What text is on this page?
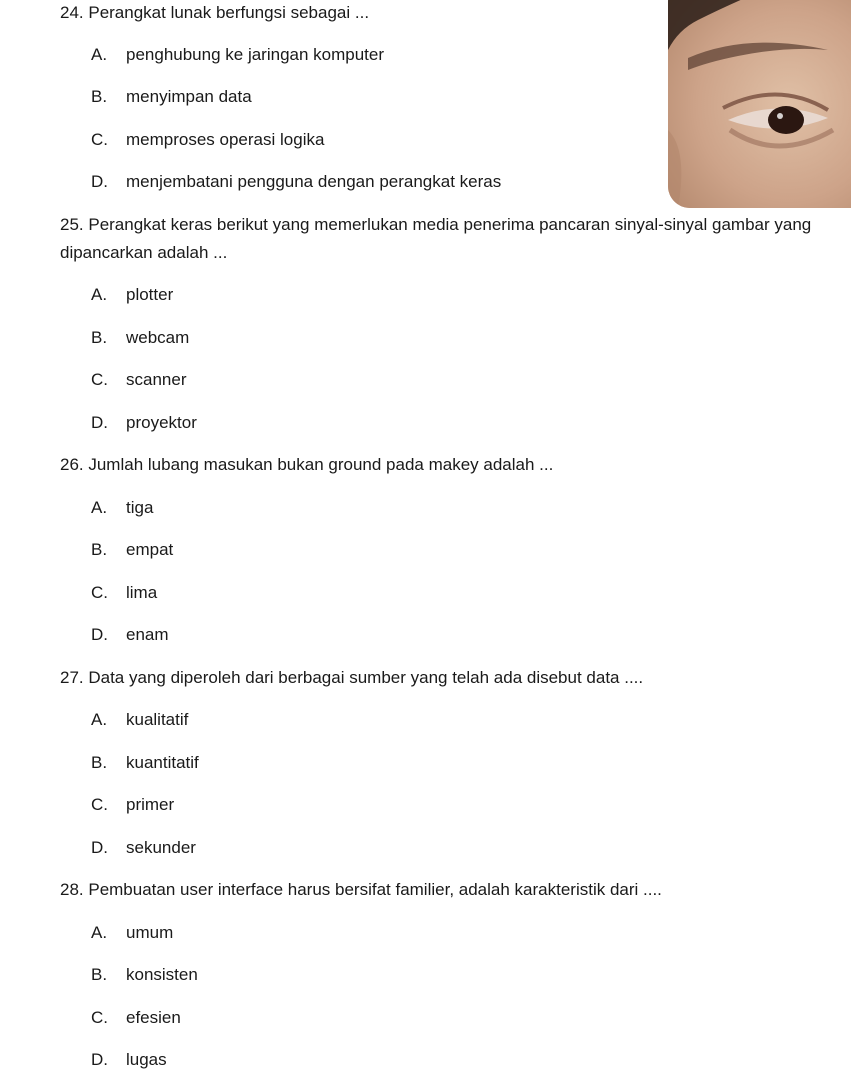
24. Perangkat lunak berfungsi sebagai ...
A. penghubung ke jaringan komputer
B. menyimpan data
C. memproses operasi logika
D. menjembatani pengguna dengan perangkat keras
25. Perangkat keras berikut yang memerlukan media penerima pancaran sinyal-sinyal gambar yang dipancarkan adalah ...
A. plotter
B. webcam
C. scanner
D. proyektor
26. Jumlah lubang masukan bukan ground pada makey adalah ...
A. tiga
B. empat
C. lima
D. enam
27. Data yang diperoleh dari berbagai sumber yang telah ada disebut data ....
A. kualitatif
B. kuantitatif
C. primer
D. sekunder
28. Pembuatan user interface harus bersifat familier, adalah karakteristik dari ....
A. umum
B. konsisten
C. efesien
D. lugas
